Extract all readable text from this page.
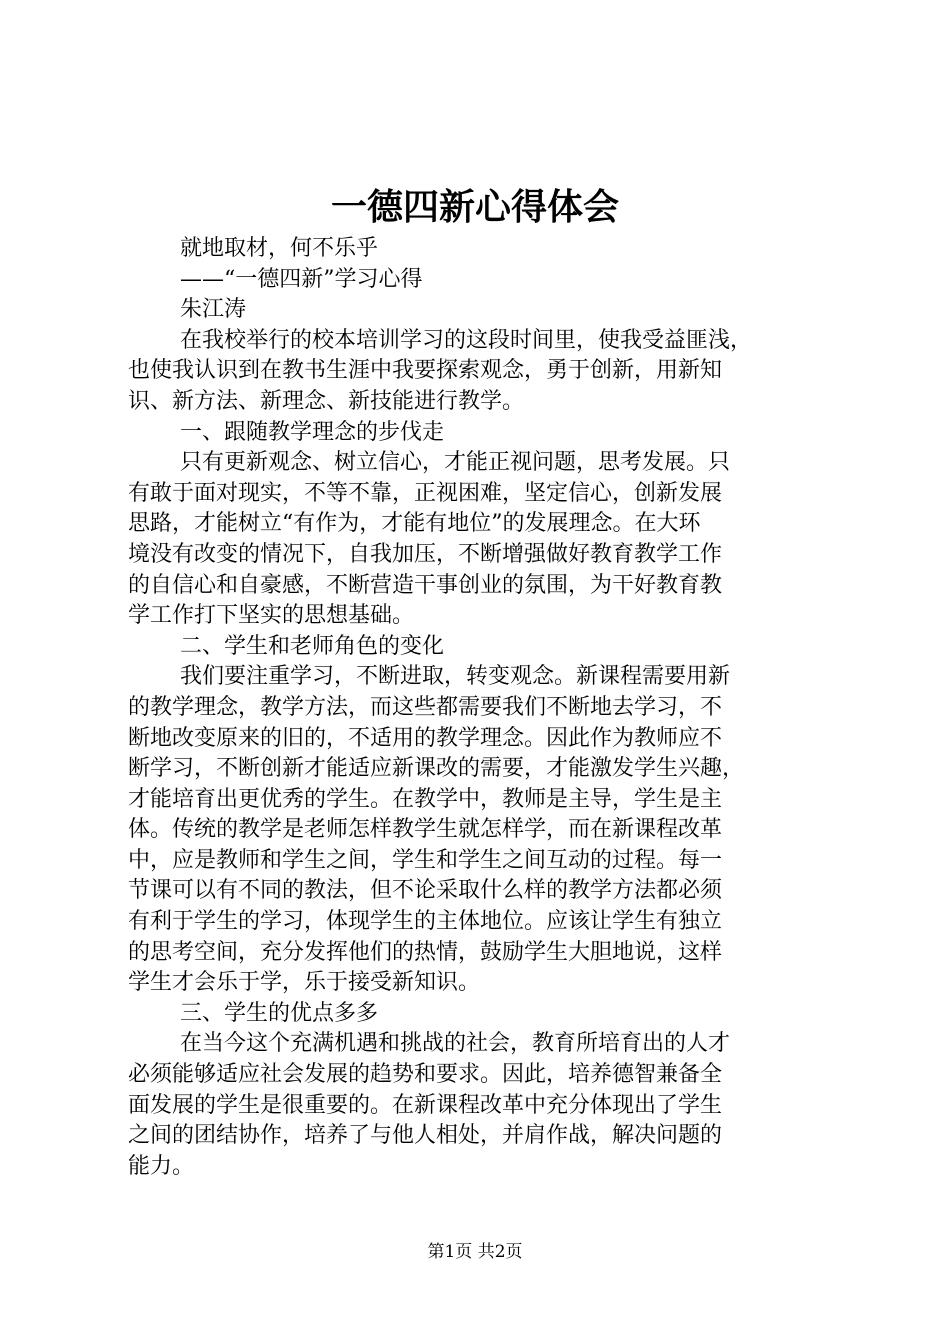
一德四新心得体会
就地取材，何不乐乎
——“一德四新”学习心得
朱江涛
在我校举行的校本培训学习的这段时间里，使我受益匪浅，
也使我认识到在教书生涯中我要探索观念，勇于创新，用新知
识、新方法、新理念、新技能进行教学。
一、跟随教学理念的步伐走
只有更新观念、树立信心，才能正视问题，思考发展。只
有敢于面对现实，不等不靠，正视困难，坚定信心，创新发展
思路，才能树立“有作为，才能有地位”的发展理念。在大环
境没有改变的情况下，自我加压，不断增强做好教育教学工作
的自信心和自豪感，不断营造干事创业的氛围，为干好教育教
学工作打下坚实的思想基础。
二、学生和老师角色的变化
我们要注重学习，不断进取，转变观念。新课程需要用新
的教学理念，教学方法，而这些都需要我们不断地去学习，不
断地改变原来的旧的，不适用的教学理念。因此作为教师应不
断学习，不断创新才能适应新课改的需要，才能激发学生兴趣，
才能培育出更优秀的学生。在教学中，教师是主导，学生是主
体。传统的教学是老师怎样教学生就怎样学，而在新课程改革
中，应是教师和学生之间，学生和学生之间互动的过程。每一
节课可以有不同的教法，但不论采取什么样的教学方法都必须
有利于学生的学习，体现学生的主体地位。应该让学生有独立
的思考空间，充分发挥他们的热情，鼓励学生大胆地说，这样
学生才会乐于学，乐于接受新知识。
三、学生的优点多多
在当今这个充满机遇和挑战的社会，教育所培育出的人才
必须能够适应社会发展的趋势和要求。因此，培养德智兼备全
面发展的学生是很重要的。在新课程改革中充分体现出了学生
之间的团结协作，培养了与他人相处，并肩作战，解决问题的
能力。
第1页 共2页
